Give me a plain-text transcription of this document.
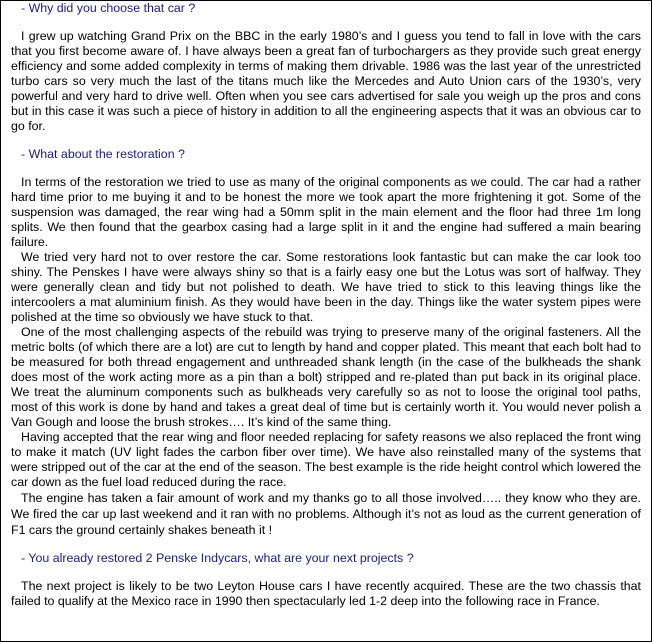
- Why did you choose that car ?

I grew up watching Grand Prix on the BBC in the early 1980’s and I guess you tend to fall in love with the cars that you first become aware of. I have always been a great fan of turbochargers as they provide such great energy efficiency and some added complexity in terms of making them drivable. 1986 was the last year of the unrestricted turbo cars so very much the last of the titans much like the Mercedes and Auto Union cars of the 1930’s, very powerful and very hard to drive well. Often when you see cars advertised for sale you weigh up the pros and cons but in this case it was such a piece of history in addition to all the engineering aspects that it was an obvious car to go for.

- What about the restoration ?

In terms of the restoration we tried to use as many of the original components as we could. The car had a rather hard time prior to me buying it and to be honest the more we took apart the more frightening it got. Some of the suspension was damaged, the rear wing had a 50mm split in the main element and the floor had three 1m long splits. We then found that the gearbox casing had a large split in it and the engine had suffered a main bearing failure.

We tried very hard not to over restore the car. Some restorations look fantastic but can make the car look too shiny. The Penskes I have were always shiny so that is a fairly easy one but the Lotus was sort of halfway. They were generally clean and tidy but not polished to death. We have tried to stick to this leaving things like the intercoolers a mat aluminium finish. As they would have been in the day. Things like the water system pipes were polished at the time so obviously we have stuck to that.

One of the most challenging aspects of the rebuild was trying to preserve many of the original fasteners. All the metric bolts (of which there are a lot) are cut to length by hand and copper plated. This meant that each bolt had to be measured for both thread engagement and unthreaded shank length (in the case of the bulkheads the shank does most of the work acting more as a pin than a bolt) stripped and re-plated than put back in its original place. We treat the aluminum components such as bulkheads very carefully so as not to loose the original tool paths, most of this work is done by hand and takes a great deal of time but is certainly worth it. You would never polish a Van Gough and loose the brush strokes…. It’s kind of the same thing.

Having accepted that the rear wing and floor needed replacing for safety reasons we also replaced the front wing to make it match (UV light fades the carbon fiber over time). We have also reinstalled many of the systems that were stripped out of the car at the end of the season. The best example is the ride height control which lowered the car down as the fuel load reduced during the race.

The engine has taken a fair amount of work and my thanks go to all those involved….. they know who they are. We fired the car up last weekend and it ran with no problems. Although it’s not as loud as the current generation of F1 cars the ground certainly shakes beneath it !

- You already restored 2 Penske Indycars, what are your next projects ?

The next project is likely to be two Leyton House cars I have recently acquired. These are the two chassis that failed to qualify at the Mexico race in 1990 then spectacularly led 1-2 deep into the following race in France.
